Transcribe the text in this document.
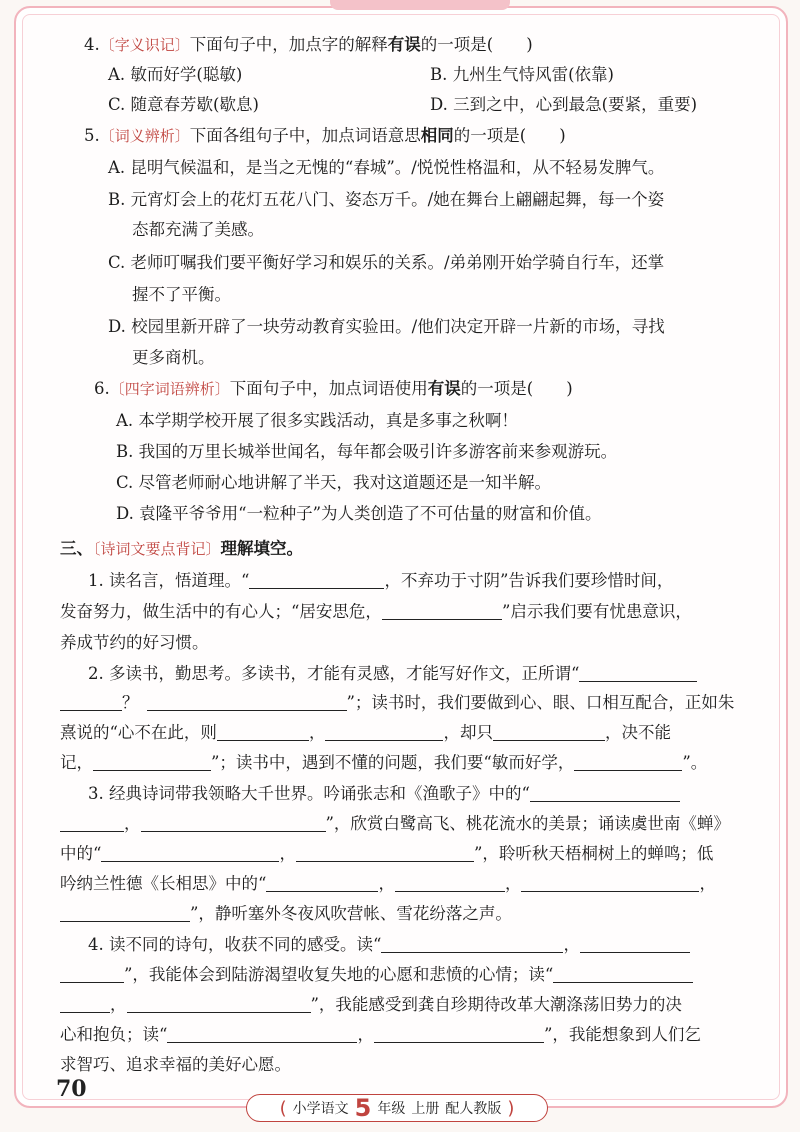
4.〔字义识记〕下面句子中，加点字的解释有误的一项是(　　)
A. 敏而好学(聪敏)	B. 九州生气恃风雷(依靠)
C. 随意春芳歇(歇息)	D. 三到之中，心到最急(要紧，重要)
5.〔词义辨析〕下面各组句子中，加点词语意思相同的一项是(　　)
A. 昆明气候温和，是当之无愧的“春城”。/悦悦性格温和，从不轻易发脾气。
B. 元宵灯会上的花灯五花八门、姿态万千。/她在舞台上翩翩起舞，每一个姿
态都充满了美感。
C. 老师叮嘱我们要平衡好学习和娱乐的关系。/弟弟刚开始学骑自行车，还掌
握不了平衡。
D. 校园里新开辟了一块劳动教育实验田。/他们决定开辟一片新的市场，寻找
更多商机。
6.〔四字词语辨析〕下面句子中，加点词语使用有误的一项是(　　)
A. 本学期学校开展了很多实践活动，真是多事之秋啊！
B. 我国的万里长城举世闻名，每年都会吸引许多游客前来参观游玩。
C. 尽管老师耐心地讲解了半天，我对这道题还是一知半解。
D. 袁隆平爷爷用“一粒种子”为人类创造了不可估量的财富和价值。
三、〔诗词文要点背记〕理解填空。
1. 读名言，悟道理。“	，不弃功于寸阴”告诉我们要珍惜时间，
发奋努力，做生活中的有心人；“居安思危，	”启示我们要有忧患意识，
养成节约的好习惯。
2. 多读书，勤思考。多读书，才能有灵感，才能写好作文，正所谓“
？	”；读书时，我们要做到心、眼、口相互配合，正如朱
熹说的“心不在此，则	，	，却只	，决不能
记，	”；读书中，遇到不懂的问题，我们要“敏而好学，	”。
3. 经典诗词带我领略大千世界。吟诵张志和《渔歌子》中的“
，	”，欣赏白鹭高飞、桃花流水的美景；诵读虞世南《蝉》
中的“	，	”，聆听秋天梧桐树上的蝉鸣；低
吟纳兰性德《长相思》中的“	，	，	，
”，静听塞外冬夜风吹营帐、雪花纷落之声。
4. 读不同的诗句，收获不同的感受。读“	，
”，我能体会到陆游渴望收复失地的心愿和悲愤的心情；读“
，	”，我能感受到龚自珍期待改革大潮涤荡旧势力的决
心和抱负；读“	，	”，我能想象到人们乞
求智巧、追求幸福的美好心愿。
70
( 小学语文 5 年级 上册 配人教版 )
